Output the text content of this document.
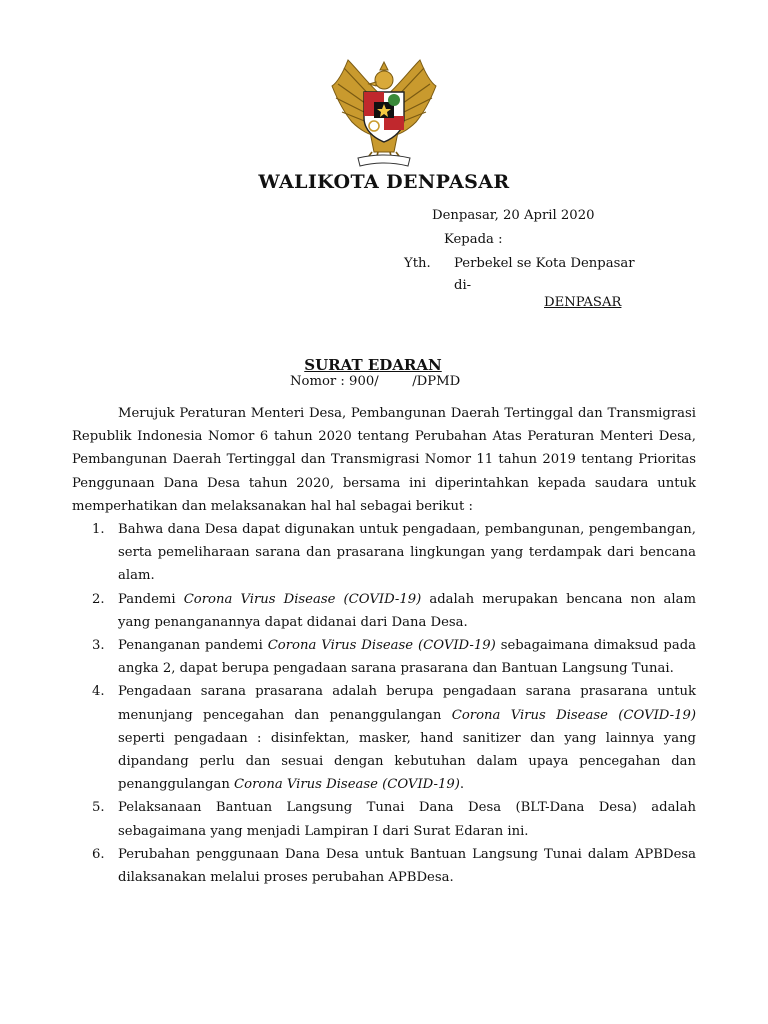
WALIKOTA DENPASAR
Denpasar, 20 April 2020
Kepada :
Yth. Perbekel se Kota Denpasar
di-
DENPASAR
SURAT EDARAN
Nomor : 900/        /DPMD

Merujuk Peraturan Menteri Desa, Pembangunan Daerah Tertinggal dan Transmigrasi Republik Indonesia Nomor 6 tahun 2020 tentang Perubahan Atas Peraturan Menteri Desa, Pembangunan Daerah Tertinggal dan Transmigrasi Nomor 11 tahun 2019 tentang Prioritas Penggunaan Dana Desa tahun 2020, bersama ini diperintahkan kepada saudara untuk memperhatikan dan melaksanakan hal hal sebagai berikut :

1. Bahwa dana Desa dapat digunakan untuk pengadaan, pembangunan, pengembangan, serta pemeliharaan sarana dan prasarana lingkungan yang terdampak dari bencana alam.
2. Pandemi Corona Virus Disease (COVID-19) adalah merupakan bencana non alam yang penanganannya dapat didanai dari Dana Desa.
3. Penanganan pandemi Corona Virus Disease (COVID-19) sebagaimana dimaksud pada angka 2, dapat berupa pengadaan sarana prasarana dan Bantuan Langsung Tunai.
4. Pengadaan sarana prasarana adalah berupa pengadaan sarana prasarana untuk menunjang pencegahan dan penanggulangan Corona Virus Disease (COVID-19) seperti pengadaan : disinfektan, masker, hand sanitizer dan yang lainnya yang dipandang perlu dan sesuai dengan kebutuhan dalam upaya pencegahan dan penanggulangan Corona Virus Disease (COVID-19).
5. Pelaksanaan Bantuan Langsung Tunai Dana Desa (BLT-Dana Desa) adalah sebagaimana yang menjadi Lampiran I dari Surat Edaran ini.
6. Perubahan penggunaan Dana Desa untuk Bantuan Langsung Tunai dalam APBDesa dilaksanakan melalui proses perubahan APBDesa.
